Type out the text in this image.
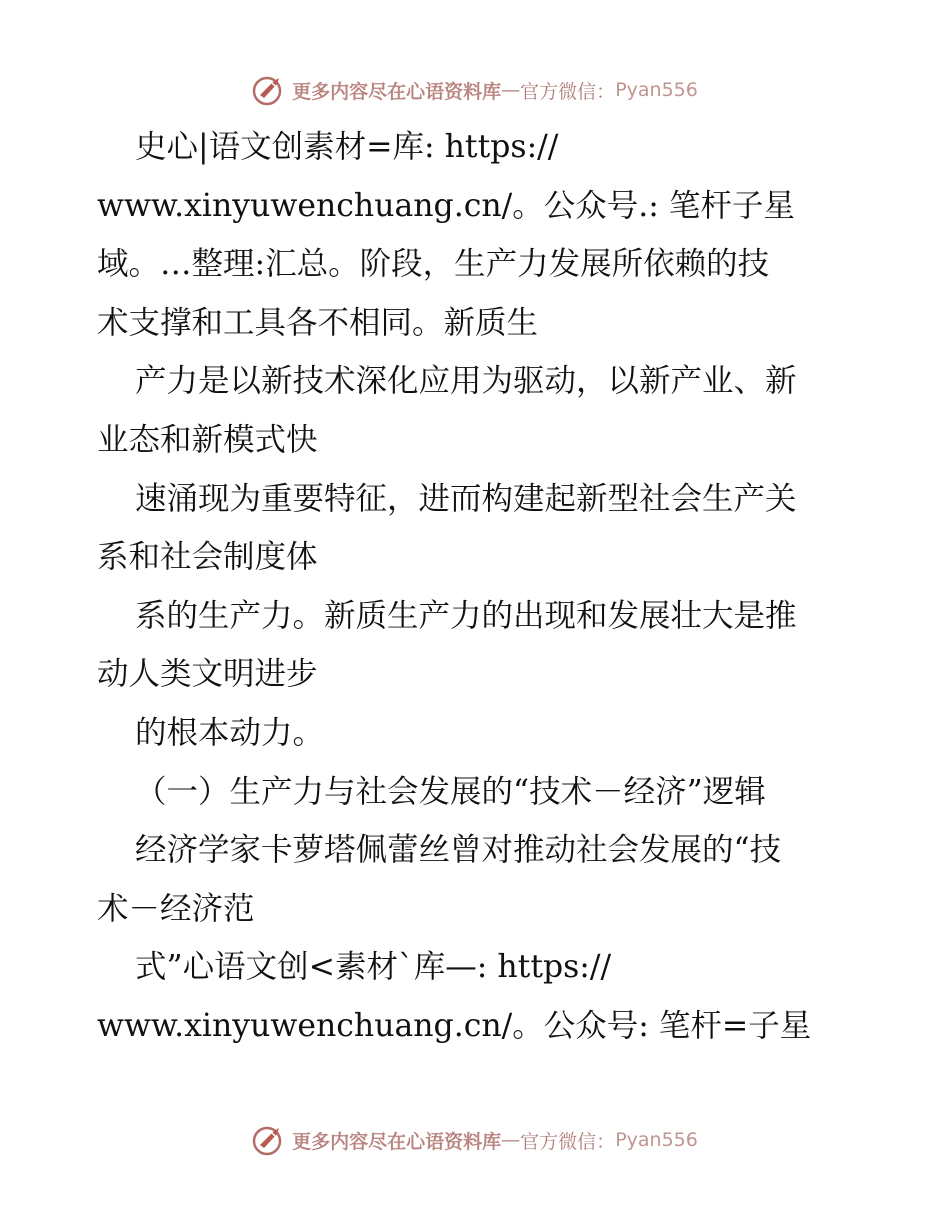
更多内容尽在心语资料库 — 官方微信： Pyan556
史心|语文创素材=库: https://
www.xinyuwenchuang.cn/。公众号.: 笔杆子星
域。…整理:汇总。阶段，生产力发展所依赖的技
术支撑和工具各不相同。新质生
产力是以新技术深化应用为驱动，以新产业、新
业态和新模式快
速涌现为重要特征，进而构建起新型社会生产关
系和社会制度体
系的生产力。新质生产力的出现和发展壮大是推
动人类文明进步
的根本动力。
（一）生产力与社会发展的“技术－经济”逻辑
经济学家卡萝塔佩蕾丝曾对推动社会发展的“技
术－经济范
式”心语文创<素材`库—: https://
www.xinyuwenchuang.cn/。公众号: 笔杆=子星
更多内容尽在心语资料库 — 官方微信： Pyan556
